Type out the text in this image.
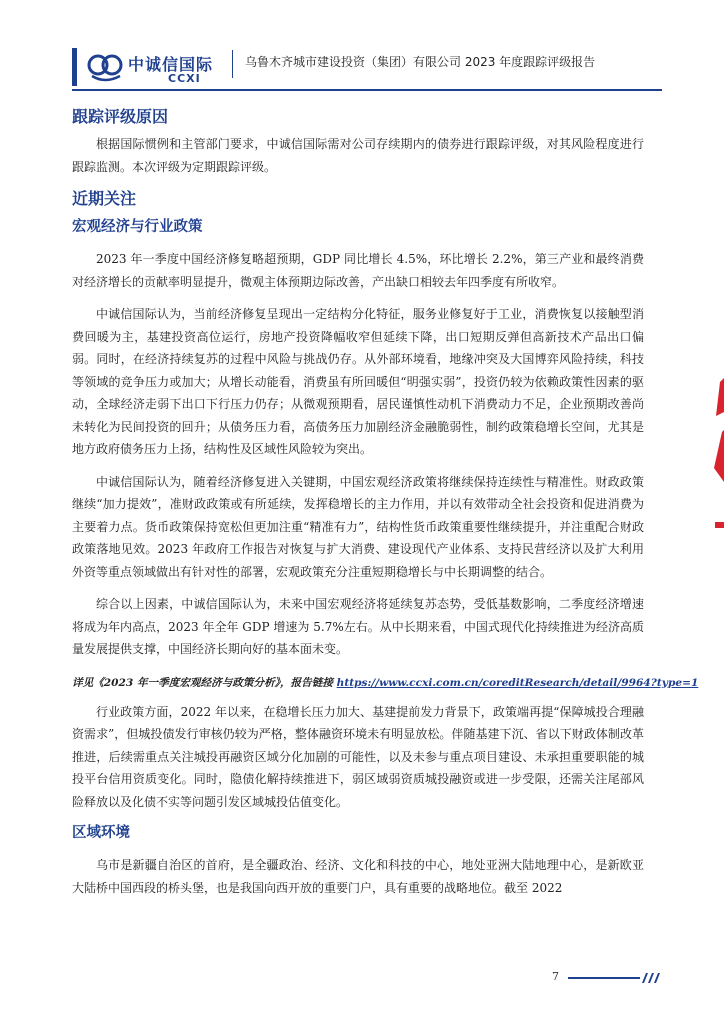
中诚信国际
CCXI
乌鲁木齐城市建设投资（集团）有限公司 2023 年度跟踪评级报告
跟踪评级原因

根据国际惯例和主管部门要求，中诚信国际需对公司存续期内的债券进行跟踪评级，对其风险程度进行跟踪监测。本次评级为定期跟踪评级。

近期关注
宏观经济与行业政策

2023 年一季度中国经济修复略超预期，GDP 同比增长 4.5%，环比增长 2.2%，第三产业和最终消费对经济增长的贡献率明显提升，微观主体预期边际改善，产出缺口相较去年四季度有所收窄。

中诚信国际认为，当前经济修复呈现出一定结构分化特征，服务业修复好于工业，消费恢复以接触型消费回暖为主，基建投资高位运行，房地产投资降幅收窄但延续下降，出口短期反弹但高新技术产品出口偏弱。同时，在经济持续复苏的过程中风险与挑战仍存。从外部环境看，地缘冲突及大国博弈风险持续，科技等领域的竞争压力或加大；从增长动能看，消费虽有所回暖但“明强实弱”，投资仍较为依赖政策性因素的驱动，全球经济走弱下出口下行压力仍存；从微观预期看，居民谨慎性动机下消费动力不足，企业预期改善尚未转化为民间投资的回升；从债务压力看，高债务压力加剧经济金融脆弱性，制约政策稳增长空间，尤其是地方政府债务压力上扬，结构性及区域性风险较为突出。

中诚信国际认为，随着经济修复进入关键期，中国宏观经济政策将继续保持连续性与精准性。财政政策继续“加力提效”，准财政政策或有所延续，发挥稳增长的主力作用，并以有效带动全社会投资和促进消费为主要着力点。货币政策保持宽松但更加注重“精准有力”，结构性货币政策重要性继续提升，并注重配合财政政策落地见效。2023 年政府工作报告对恢复与扩大消费、建设现代产业体系、支持民营经济以及扩大利用外资等重点领域做出有针对性的部署，宏观政策充分注重短期稳增长与中长期调整的结合。

综合以上因素，中诚信国际认为，未来中国宏观经济将延续复苏态势，受低基数影响，二季度经济增速将成为年内高点，2023 年全年 GDP 增速为 5.7%左右。从中长期来看，中国式现代化持续推进为经济高质量发展提供支撑，中国经济长期向好的基本面未变。

详见《2023 年一季度宏观经济与政策分析》，报告链接 https://www.ccxi.com.cn/coreditResearch/detail/9964?type=1

行业政策方面，2022 年以来，在稳增长压力加大、基建提前发力背景下，政策端再提“保障城投合理融资需求”，但城投债发行审核仍较为严格，整体融资环境未有明显放松。伴随基建下沉、省以下财政体制改革推进，后续需重点关注城投再融资区域分化加剧的可能性，以及未参与重点项目建设、未承担重要职能的城投平台信用资质变化。同时，隐债化解持续推进下，弱区域弱资质城投融资或进一步受限，还需关注尾部风险释放以及化债不实等问题引发区域城投估值变化。

区域环境

乌市是新疆自治区的首府，是全疆政治、经济、文化和科技的中心，地处亚洲大陆地理中心，是新欧亚大陆桥中国西段的桥头堡，也是我国向西开放的重要门户，具有重要的战略地位。截至 2022

7
